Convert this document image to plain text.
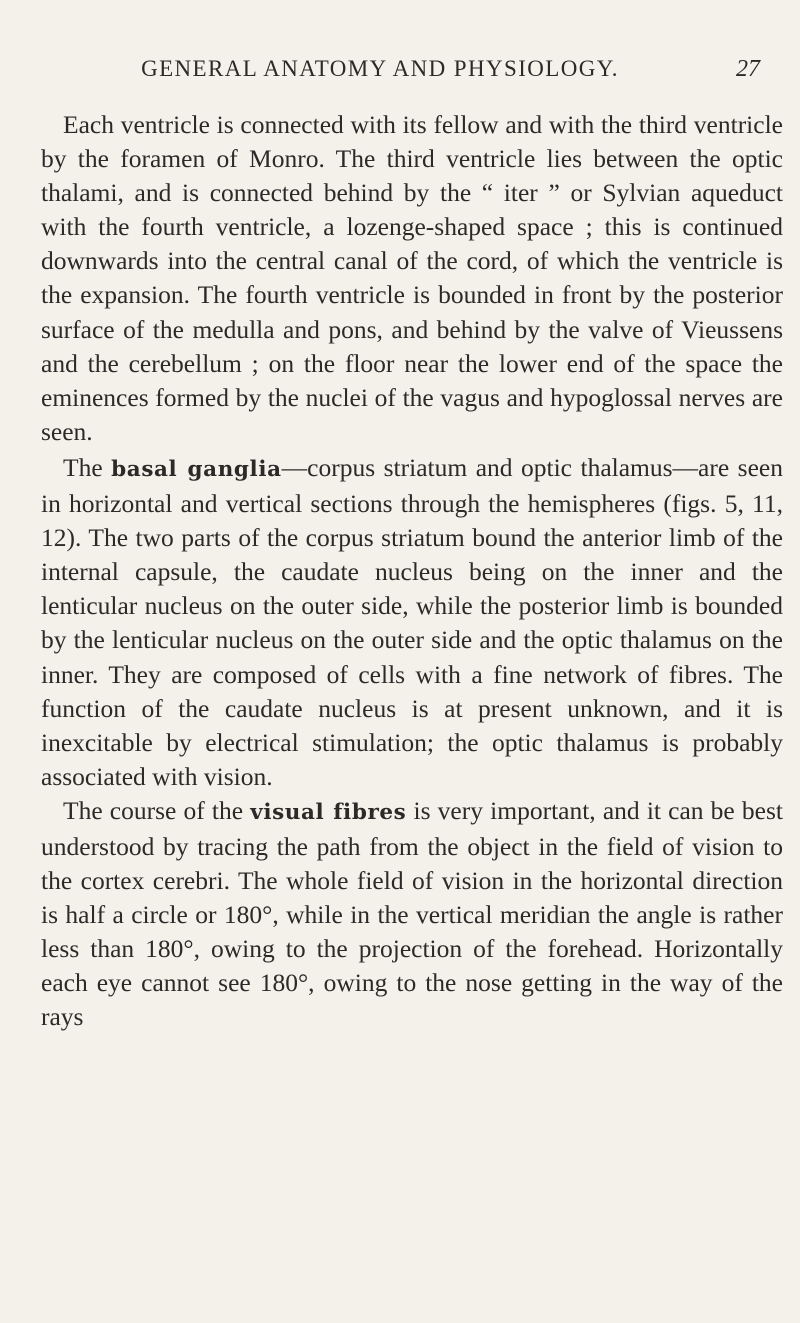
GENERAL ANATOMY AND PHYSIOLOGY.	27

Each ventricle is connected with its fellow and with the third ventricle by the foramen of Monro. The third ventricle lies between the optic thalami, and is connected behind by the “ iter ” or Sylvian aqueduct with the fourth ventricle, a lozenge-shaped space ; this is continued downwards into the central canal of the cord, of which the ventricle is the expansion. The fourth ventricle is bounded in front by the posterior surface of the medulla and pons, and behind by the valve of Vieussens and the cerebellum ; on the floor near the lower end of the space the eminences formed by the nuclei of the vagus and hypoglossal nerves are seen.

The basal ganglia—corpus striatum and optic thalamus—are seen in horizontal and vertical sections through the hemispheres (figs. 5, 11, 12). The two parts of the corpus striatum bound the anterior limb of the internal capsule, the caudate nucleus being on the inner and the lenticular nucleus on the outer side, while the posterior limb is bounded by the lenticular nucleus on the outer side and the optic thalamus on the inner. They are composed of cells with a fine network of fibres. The function of the caudate nucleus is at present unknown, and it is inexcitable by electrical stimulation; the optic thalamus is probably associated with vision.

The course of the visual fibres is very important, and it can be best understood by tracing the path from the object in the field of vision to the cortex cerebri. The whole field of vision in the horizontal direction is half a circle or 180°, while in the vertical meridian the angle is rather less than 180°, owing to the projection of the forehead. Horizontally each eye cannot see 180°, owing to the nose getting in the way of the rays
